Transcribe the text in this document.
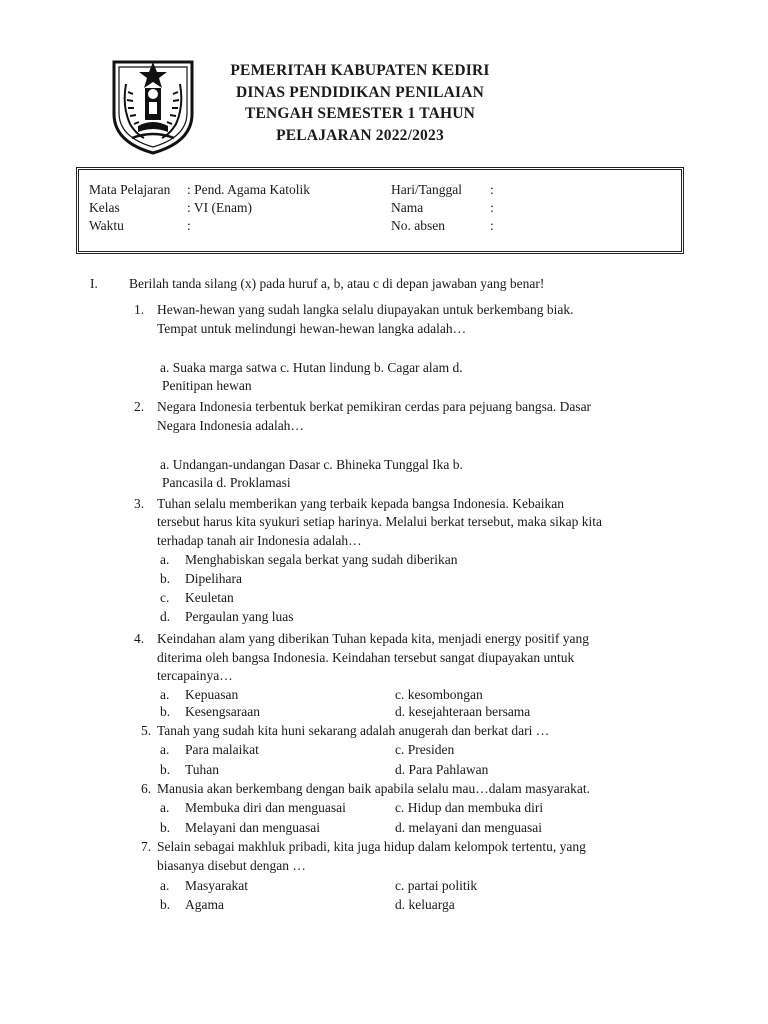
PEMERITAH KABUPATEN KEDIRI
DINAS PENDIDIKAN PENILAIAN
TENGAH SEMESTER 1 TAHUN
PELAJARAN 2022/2023
Mata Pelajaran : Pend. Agama Katolik
Kelas	: VI (Enam)
Waktu	:
Hari/Tanggal :
Nama	:
No. absen	:
I. Berilah tanda silang (x) pada huruf a, b, atau c di depan jawaban yang benar!
1. Hewan-hewan yang sudah langka selalu diupayakan untuk berkembang biak.
Tempat untuk melindungi hewan-hewan langka adalah…
a. Suaka marga satwa c. Hutan lindung b. Cagar alam d.
Penitipan hewan
2. Negara Indonesia terbentuk berkat pemikiran cerdas para pejuang bangsa. Dasar
Negara Indonesia adalah…
a. Undangan-undangan Dasar c. Bhineka Tunggal Ika b.
Pancasila d. Proklamasi
3. Tuhan selalu memberikan yang terbaik kepada bangsa Indonesia. Kebaikan
tersebut harus kita syukuri setiap harinya. Melalui berkat tersebut, maka sikap kita
terhadap tanah air Indonesia adalah…
a. Menghabiskan segala berkat yang sudah diberikan
b. Dipelihara
c. Keuletan
d. Pergaulan yang luas
4. Keindahan alam yang diberikan Tuhan kepada kita, menjadi energy positif yang
diterima oleh bangsa Indonesia. Keindahan tersebut sangat diupayakan untuk
tercapainya…
a. Kepuasan	c. kesombongan
b. Kesengsaraan	d. kesejahteraan bersama
5. Tanah yang sudah kita huni sekarang adalah anugerah dan berkat dari …
a. Para malaikat	c. Presiden
b. Tuhan	d. Para Pahlawan
6. Manusia akan berkembang dengan baik apabila selalu mau…dalam masyarakat.
a. Membuka diri dan menguasai	c. Hidup dan membuka diri
b. Melayani dan menguasai	d. melayani dan menguasai
7. Selain sebagai makhluk pribadi, kita juga hidup dalam kelompok tertentu, yang
biasanya disebut dengan …
a. Masyarakat	c. partai politik
b. Agama	d. keluarga
